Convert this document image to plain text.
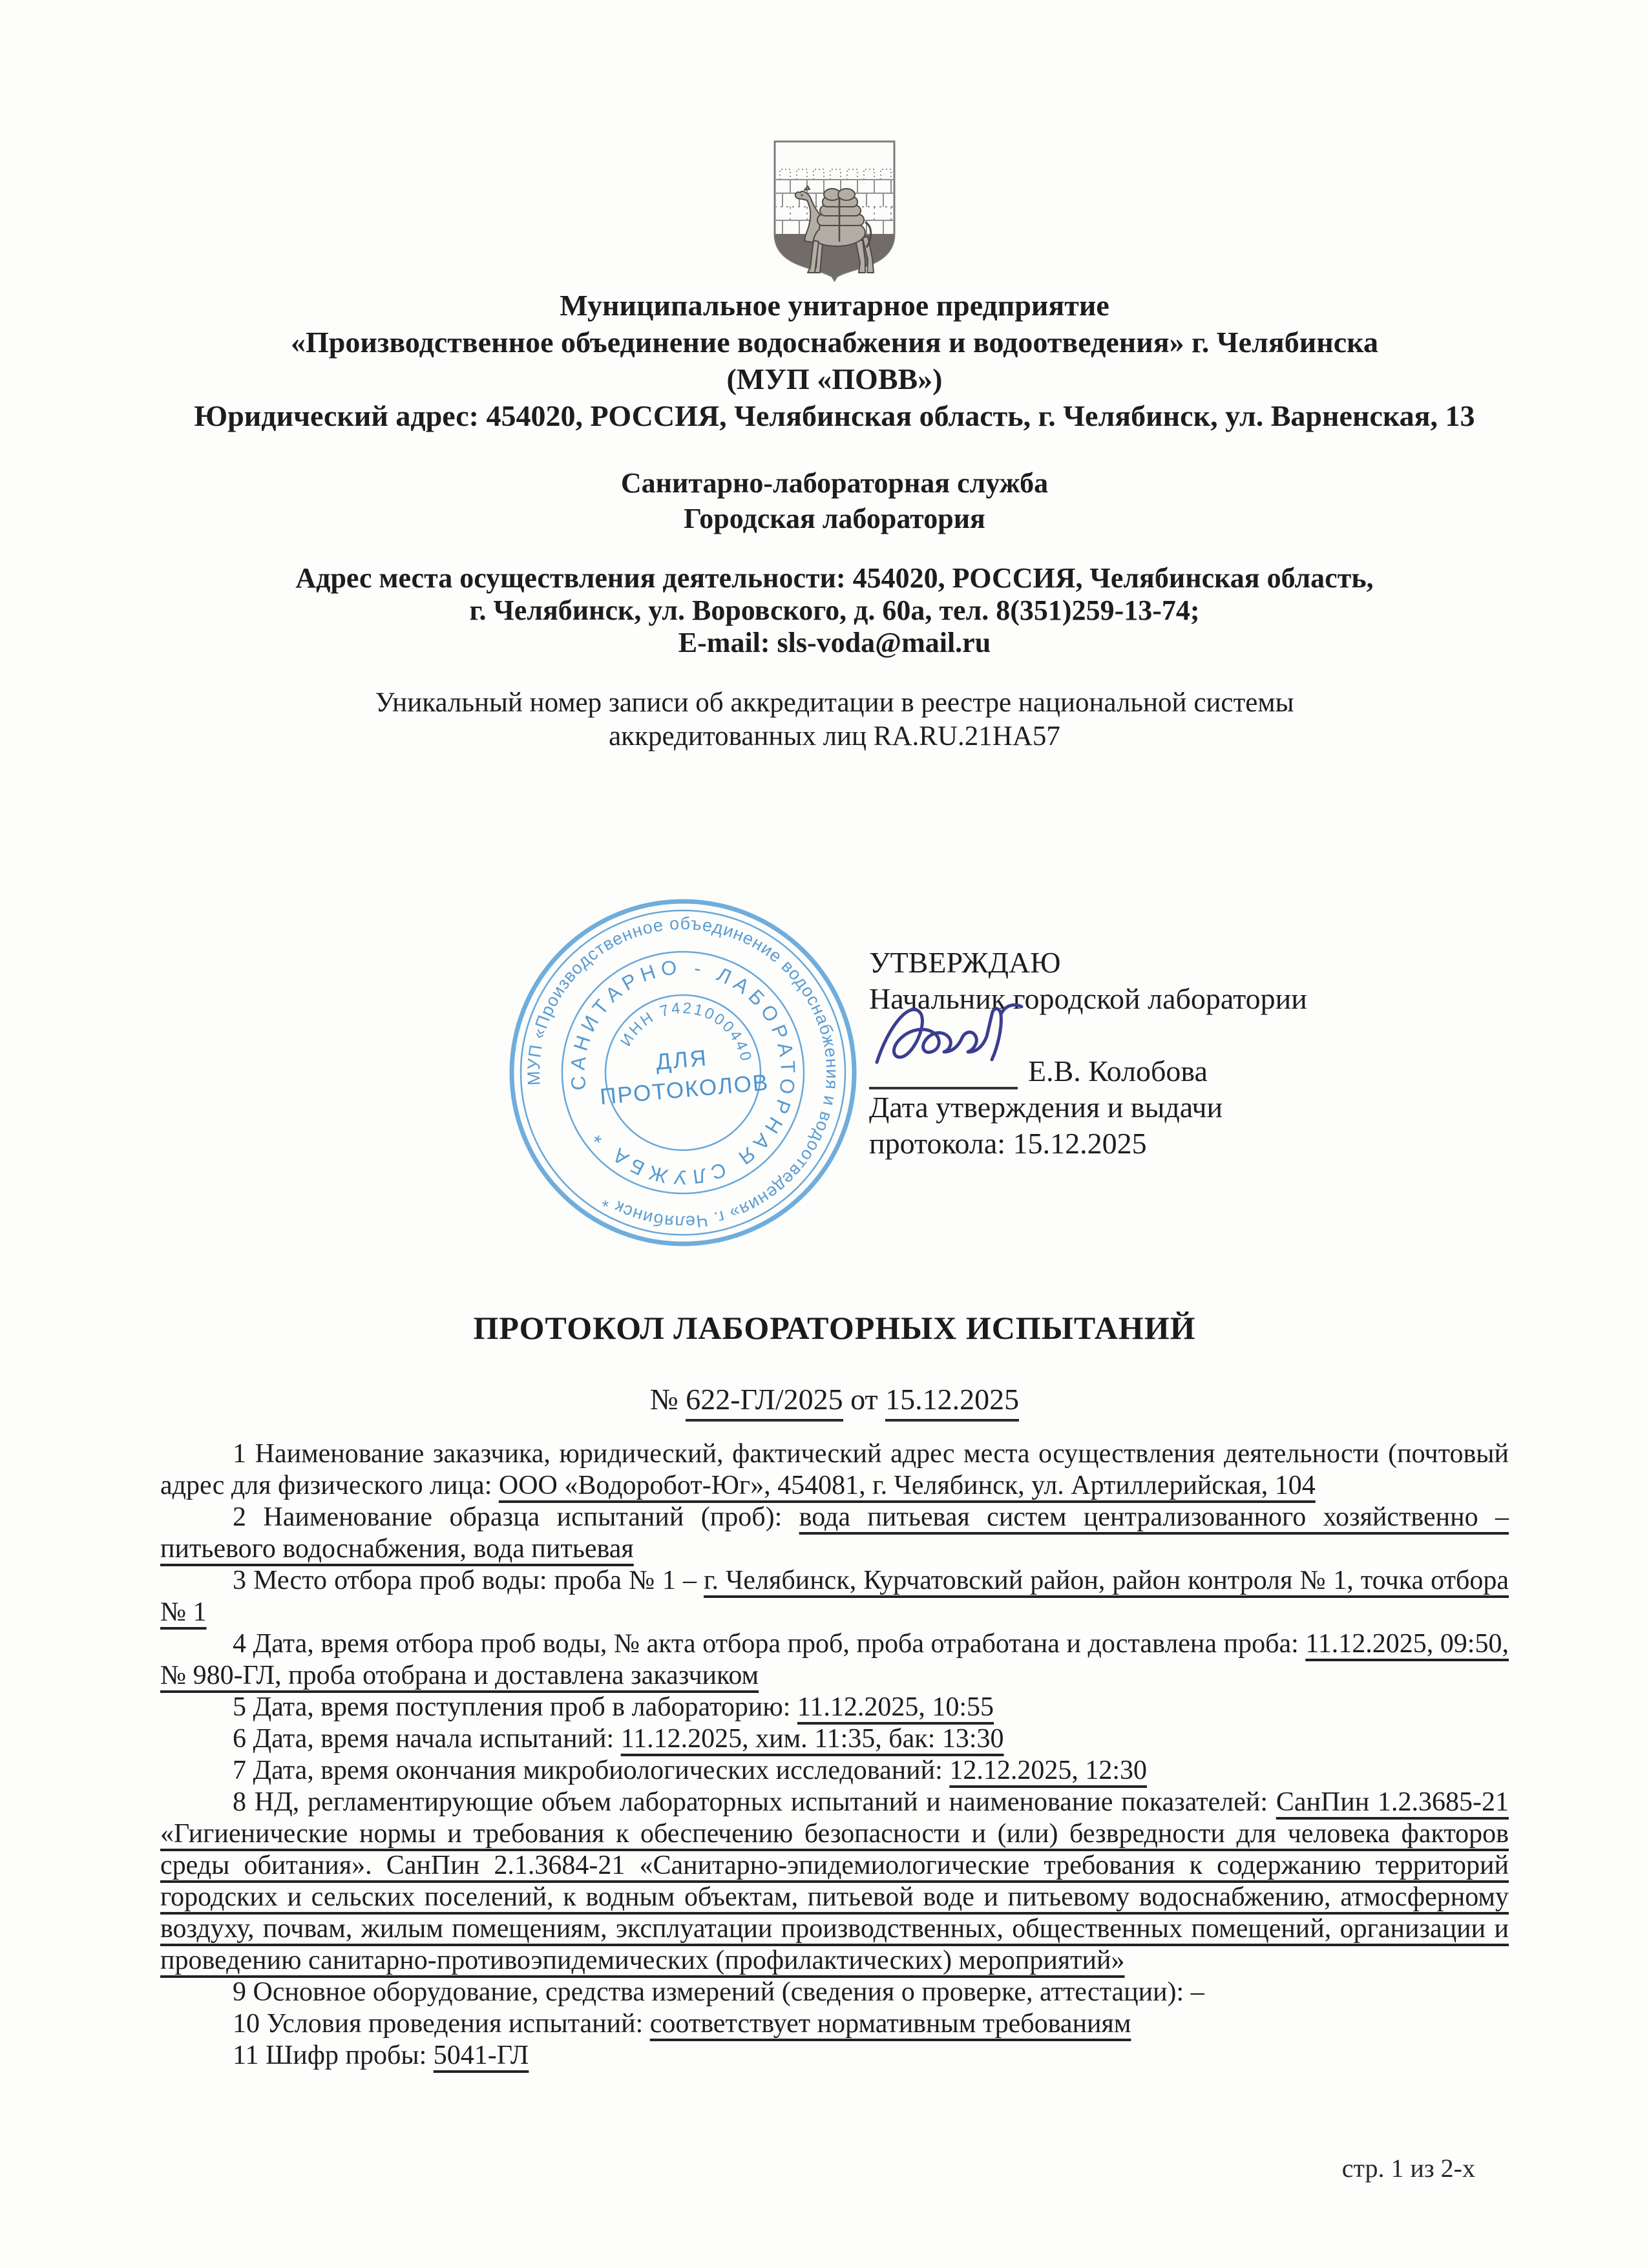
Муниципальное унитарное предприятие
«Производственное объединение водоснабжения и водоотведения» г. Челябинска
(МУП «ПОВВ»)
Юридический адрес: 454020, РОССИЯ, Челябинская область, г. Челябинск, ул. Варненская, 13
Санитарно-лабораторная служба
Городская лаборатория
Адрес места осуществления деятельности: 454020, РОССИЯ, Челябинская область,
г. Челябинск, ул. Воровского, д. 60а, тел. 8(351)259-13-74;
E-mail: sls-voda@mail.ru
Уникальный номер записи об аккредитации в реестре национальной системы
аккредитованных лиц RA.RU.21HA57
МУП «Производственное объединение водоснабжения и водоотведения» г. Челябинск *
САНИТАРНО - ЛАБОРАТОРНАЯ СЛУЖБА *
ИНН 7421000440
ДЛЯ
ПРОТОКОЛОВ
УТВЕРЖДАЮ
Начальник городской лаборатории
Е.В. Колобова
Дата утверждения и выдачи
протокола: 15.12.2025
ПРОТОКОЛ ЛАБОРАТОРНЫХ ИСПЫТАНИЙ
№ 622-ГЛ/2025 от 15.12.2025

1 Наименование заказчика, юридический, фактический адрес места осуществления деятельности (почтовый адрес для физического лица: ООО «Водоробот-Юг», 454081, г. Челябинск, ул. Артиллерийская, 104

2 Наименование образца испытаний (проб): вода питьевая систем централизованного хозяйственно – питьевого водоснабжения, вода питьевая

3 Место отбора проб воды: проба № 1 – г. Челябинск, Курчатовский район, район контроля № 1, точка отбора № 1

4 Дата, время отбора проб воды, № акта отбора проб, проба отработана и доставлена проба: 11.12.2025, 09:50, № 980-ГЛ, проба отобрана и доставлена заказчиком

5 Дата, время поступления проб в лабораторию: 11.12.2025, 10:55

6 Дата, время начала испытаний: 11.12.2025, хим. 11:35, бак: 13:30

7 Дата, время окончания микробиологических исследований: 12.12.2025, 12:30

8 НД, регламентирующие объем лабораторных испытаний и наименование показателей: СанПин 1.2.3685-21 «Гигиенические нормы и требования к обеспечению безопасности и (или) безвредности для человека факторов среды обитания». СанПин 2.1.3684-21 «Санитарно-эпидемиологические требования к содержанию территорий городских и сельских поселений, к водным объектам, питьевой воде и питьевому водоснабжению, атмосферному воздуху, почвам, жилым помещениям, эксплуатации производственных, общественных помещений, организации и проведению санитарно-противоэпидемических (профилактических) мероприятий»

9 Основное оборудование, средства измерений (сведения о проверке, аттестации): –

10 Условия проведения испытаний: соответствует нормативным требованиям

11 Шифр пробы: 5041-ГЛ

стр. 1 из 2-х
